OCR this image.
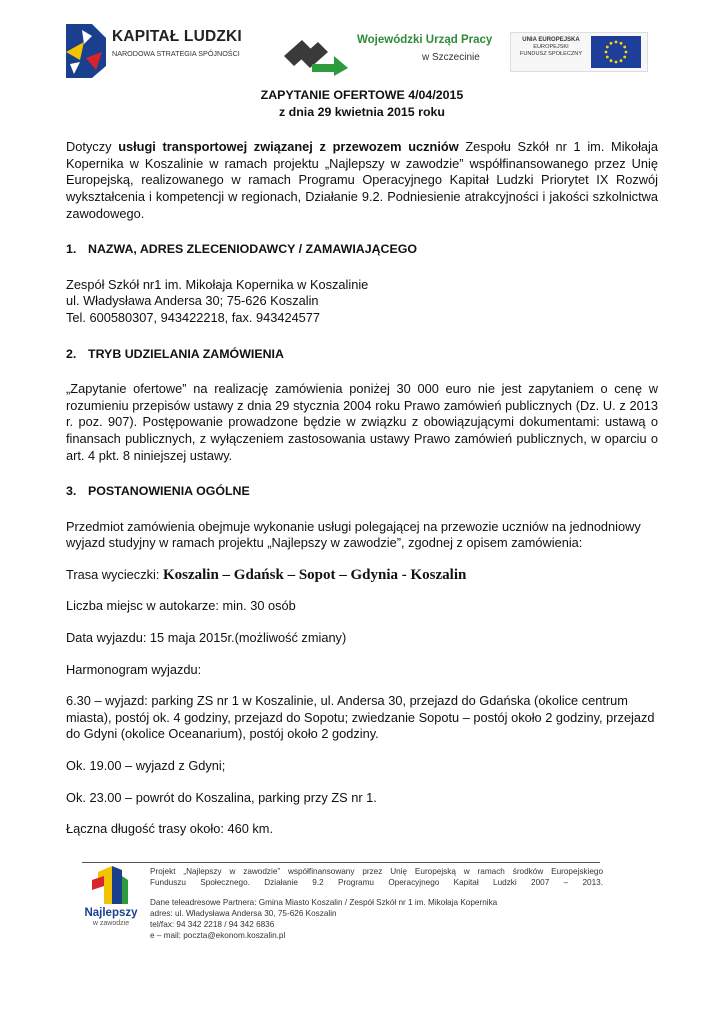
KAPITAŁ LUDZKI
NARODOWA STRATEGIA SPÓJNOŚCI
Wojewódzki Urząd Pracy
w Szczecinie
UNIA EUROPEJSKA
EUROPEJSKI
FUNDUSZ SPOŁECZNY

ZAPYTANIE OFERTOWE 4/04/2015

z dnia 29 kwietnia 2015 roku

Dotyczy usługi transportowej związanej z przewozem uczniów Zespołu Szkół nr 1 im. Mikołaja Kopernika w Koszalinie w ramach projektu „Najlepszy w zawodzie” współfinansowanego przez Unię Europejską, realizowanego w ramach Programu Operacyjnego Kapitał Ludzki Priorytet IX Rozwój wykształcenia i kompetencji w regionach, Działanie 9.2. Podniesienie atrakcyjności i jakości szkolnictwa zawodowego.

1. NAZWA, ADRES ZLECENIODAWCY / ZAMAWIAJĄCEGO

Zespół Szkół nr1 im. Mikołaja Kopernika w Koszalinie

ul. Władysława Andersa 30; 75-626 Koszalin

Tel. 600580307, 943422218, fax. 943424577

2. TRYB UDZIELANIA ZAMÓWIENIA

„Zapytanie ofertowe” na realizację zamówienia poniżej 30 000 euro nie jest zapytaniem o cenę w rozumieniu przepisów ustawy z dnia 29 stycznia 2004 roku Prawo zamówień publicznych (Dz. U. z 2013 r. poz. 907). Postępowanie prowadzone będzie w związku z obowiązującymi dokumentami: ustawą o finansach publicznych, z wyłączeniem zastosowania ustawy Prawo zamówień publicznych, w oparciu o art. 4 pkt. 8 niniejszej ustawy.

3. POSTANOWIENIA OGÓLNE

Przedmiot zamówienia obejmuje wykonanie usługi polegającej na przewozie uczniów na jednodniowy wyjazd studyjny w ramach projektu „Najlepszy w zawodzie”, zgodnej z opisem zamówienia:

Trasa wycieczki: Koszalin – Gdańsk – Sopot – Gdynia - Koszalin

Liczba miejsc w autokarze: min. 30 osób

Data wyjazdu: 15 maja 2015r.(możliwość zmiany)

Harmonogram wyjazdu:

6.30 – wyjazd: parking ZS nr 1 w Koszalinie, ul. Andersa 30, przejazd do Gdańska (okolice centrum miasta), postój ok. 4 godziny, przejazd do Sopotu; zwiedzanie Sopotu – postój około 2 godziny, przejazd do Gdyni (okolice Oceanarium), postój około 2 godziny.

Ok. 19.00 – wyjazd z Gdyni;

Ok. 23.00 – powrót do Koszalina, parking przy ZS nr 1.

Łączna długość trasy około: 460 km.

Najlepszy
w zawodzie

Projekt „Najlepszy w zawodzie” współfinansowany przez Unię Europejską w ramach środków Europejskiego

Funduszu Społecznego. Działanie 9.2 Programu Operacyjnego Kapitał Ludzki 2007 – 2013.

Dane teleadresowe Partnera: Gmina Miasto Koszalin / Zespół Szkół nr 1 im. Mikołaja Kopernika

adres: ul. Władysława Andersa 30, 75-626 Koszalin

tel/fax: 94 342 2218 / 94 342 6836

e – mail: poczta@ekonom.koszalin.pl
